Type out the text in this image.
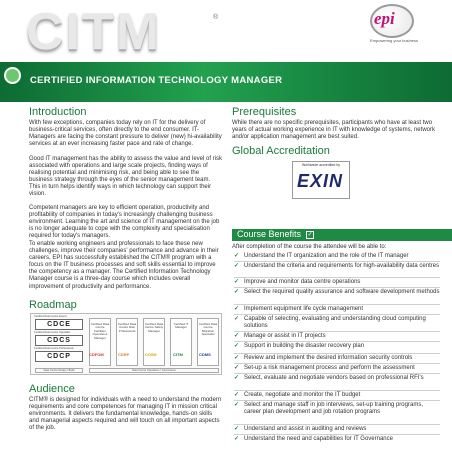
CITM	®	epi
Empowering your business
CERTIFIED INFORMATION TECHNOLOGY MANAGER
Introduction
With few exceptions, companies today rely on IT for the delivery of business-critical services, often directly to the end consumer. IT-Managers are facing the constant pressure to deliver (new) hi-availability services at an ever increasing faster pace and rate of change.
Good IT management has the ability to assess the value and level of risk associated with operations and large scale projects, finding ways of realising potential and minimising risk, and being able to see the business strategy through the eyes of the senior management team. This in turn helps identify ways in which technology can support their vision.
Competent managers are key to efficient operation, productivity and profitability of companies in today's increasingly challenging business environment. Learning the art and science of IT management on the job is no longer adequate to cope with the complexity and specialisation required for today's managers.
To enable working engineers and professionals to face these new challenges, improve their companies' performance and advance in their careers, EPI has successfully established the CITM® program with a focus on the IT business processes and soft skills essential to improve the competency as a manager. The Certified Information Technology Manager course is a three-day course which includes overall improvement of productivity and performance.
Roadmap
Certified Data Centre Expert
CDCE
Certified Data Centre Specialist
CDCS
Certified Data Centre Professional
CDCP
Certified Data Centre Facilities Operations Manager
Certified Data Centre Risk Professional
Certified Data Centre Safety Manager
Certified IT Manager
Certified Data Centre Migration Specialist
CDFOM	CDRP	COSH	CITM	CDMS
Data Centre Design / Build	Data Centre Operations / Governance
Audience
CITM® is designed for individuals with a need to understand the modern requirements and core competences for managing IT in mission critical environments. It delivers the fundamental knowledge, hands-on skills and managerial aspects required and will touch on all important aspects of the job.
Prerequisites
While there are no specific prerequisites, participants who have at least two years of actual working experience in IT with knowledge of systems, network and/or application management are best suited.
Global Accreditation
Worldwide accredited by
EXIN
Course Benefits ✓
After completion of the course the attendee will be able to:
✓ Understand the IT organization and the role of the IT manager
✓ Understand the criteria and requirements for high-availability data centres
✓ Improve and monitor data centre operations
✓ Select the required quality assurance and software development methods
✓ Implement equipment life cycle management
✓ Capable of selecting, evaluating and understanding cloud computing solutions
✓ Manage or assist in IT projects
✓ Support in building the disaster recovery plan
✓ Review and implement the desired information security controls
✓ Set-up a risk management process and perform the assessment
✓ Select, evaluate and negotiate vendors based on professional RFI's
✓ Create, negotiate and monitor the IT budget
✓ Select and manage staff in job interviews, set-up training programs, career plan development and job rotation programs
✓ Understand and assist in auditing and reviews
✓ Understand the need and capabilities for IT Governance
